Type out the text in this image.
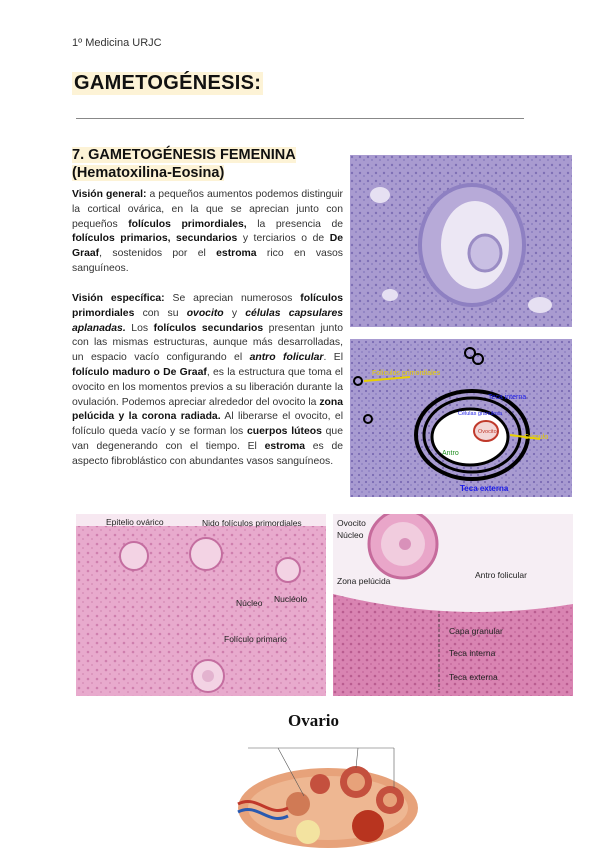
1º Medicina URJC
GAMETOGÉNESIS:
7. GAMETOGÉNESIS FEMENINA
(Hematoxilina-Eosina)
Visión general: a pequeños aumentos podemos distinguir la cortical ovárica, en la que se aprecian junto con pequeños folículos primordiales, la presencia de folículos primarios, secundarios y terciarios o de De Graaf, sostenidos por el estroma rico en vasos sanguíneos.
Visión específica: Se aprecian numerosos folículos primordiales con su ovocito y células capsulares aplanadas. Los folículos secundarios presentan junto con las mismas estructuras, aunque más desarrolladas, un espacio vacío configurando el antro folicular. El folículo maduro o De Graaf, es la estructura que toma el ovocito en los momentos previos a su liberación durante la ovulación. Podemos apreciar alrededor del ovocito la zona pelúcida y la corona radiada. Al liberarse el ovocito, el folículo queda vacío y se forman los cuerpos lúteos que van degenerando con el tiempo. El estroma es de aspecto fibroblástico con abundantes vasos sanguíneos.
Folículos primordiales
Teca interna
Células granulosa
Ovocito
Cúmulo
Antro
Teca externa
Epitelio ovárico	Nido folículos primordiales
Núcleo Nucléolo
Folículo primario
Ovocito
Núcleo
Zona pelúcida
Antro folicular
Capa granular
Teca interna
Teca externa
Ovario
